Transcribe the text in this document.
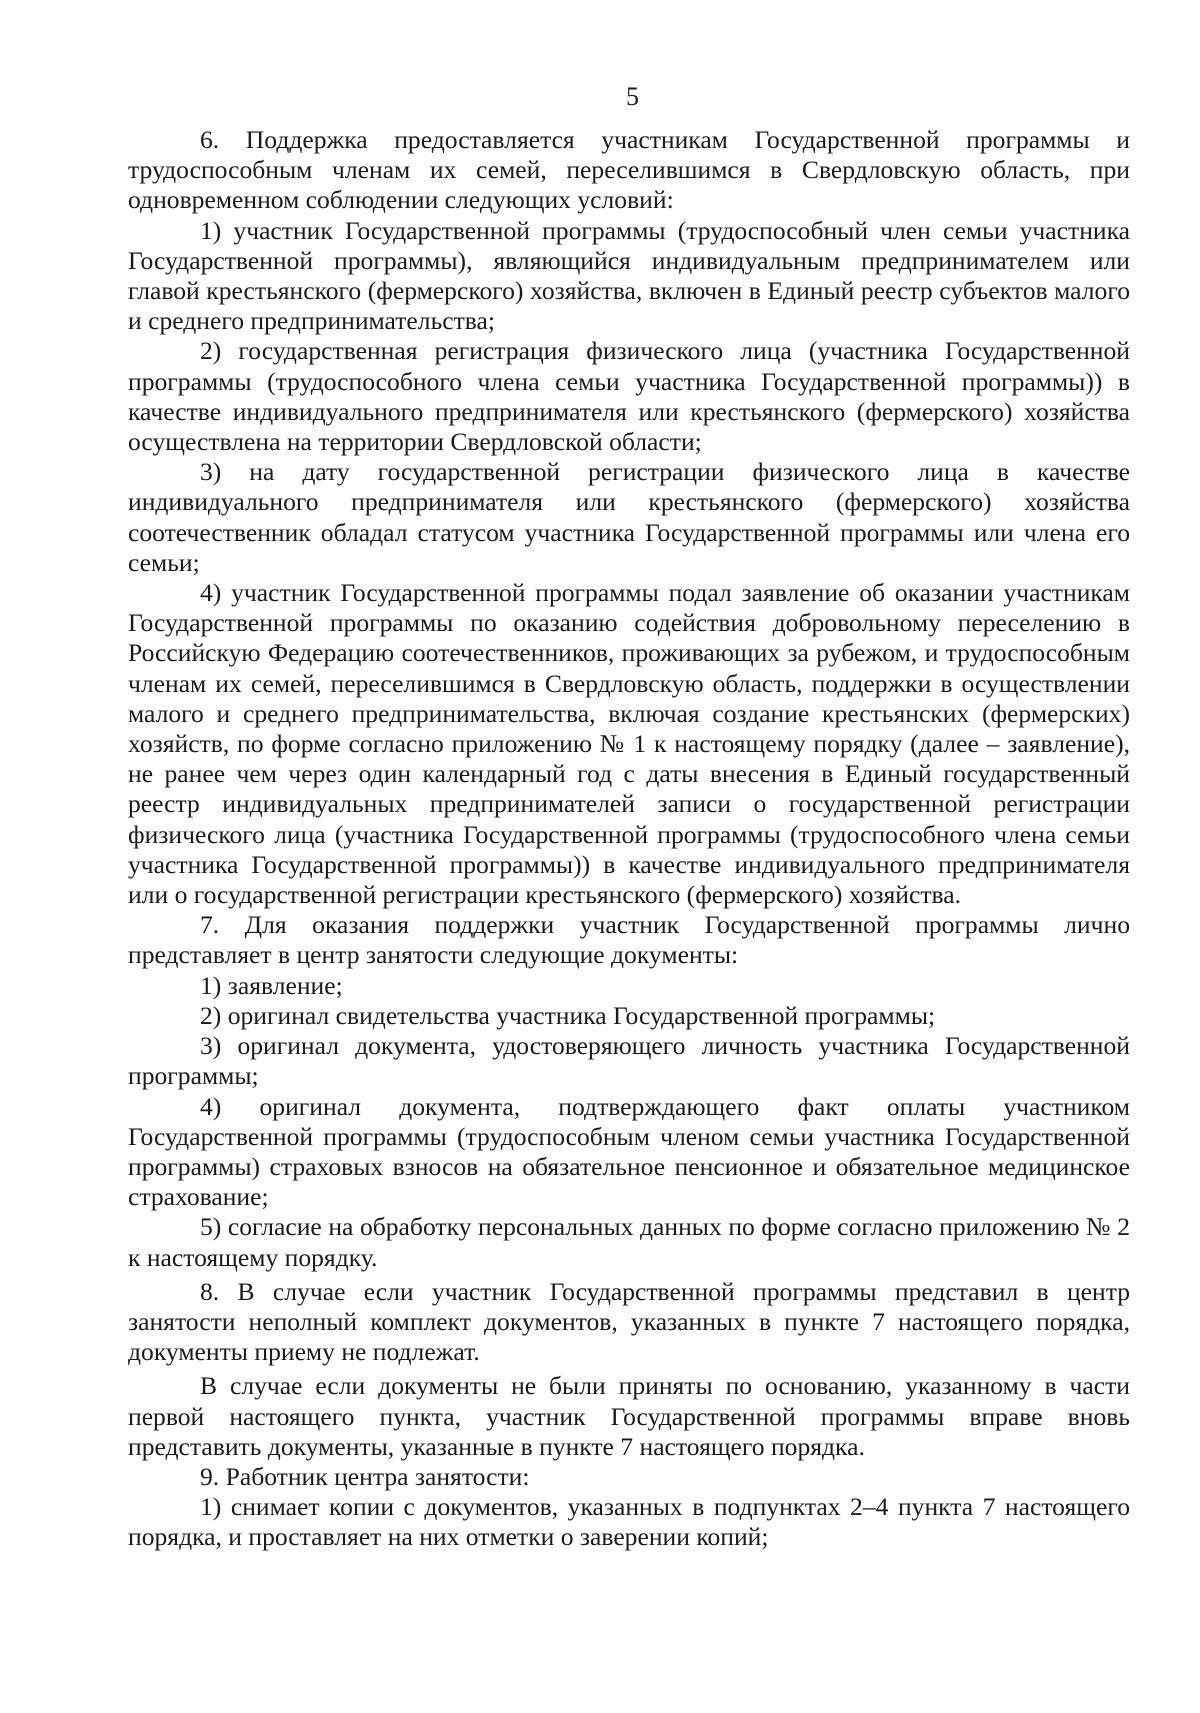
5

6. Поддержка предоставляется участникам Государственной программы и трудоспособным членам их семей, переселившимся в Свердловскую область, при одновременном соблюдении следующих условий:

1) участник Государственной программы (трудоспособный член семьи участника Государственной программы), являющийся индивидуальным предпринимателем или главой крестьянского (фермерского) хозяйства, включен в Единый реестр субъектов малого и среднего предпринимательства;

2) государственная регистрация физического лица (участника Государственной программы (трудоспособного члена семьи участника Государственной программы)) в качестве индивидуального предпринимателя или крестьянского (фермерского) хозяйства осуществлена на территории Свердловской области;

3) на дату государственной регистрации физического лица в качестве индивидуального предпринимателя или крестьянского (фермерского) хозяйства соотечественник обладал статусом участника Государственной программы или члена его семьи;

4) участник Государственной программы подал заявление об оказании участникам Государственной программы по оказанию содействия добровольному переселению в Российскую Федерацию соотечественников, проживающих за рубежом, и трудоспособным членам их семей, переселившимся в Свердловскую область, поддержки в осуществлении малого и среднего предпринимательства, включая создание крестьянских (фермерских) хозяйств, по форме согласно приложению № 1 к настоящему порядку (далее – заявление), не ранее чем через один календарный год с даты внесения в Единый государственный реестр индивидуальных предпринимателей записи о государственной регистрации физического лица (участника Государственной программы (трудоспособного члена семьи участника Государственной программы)) в качестве индивидуального предпринимателя или о государственной регистрации крестьянского (фермерского) хозяйства.

7. Для оказания поддержки участник Государственной программы лично представляет в центр занятости следующие документы:

1) заявление;

2) оригинал свидетельства участника Государственной программы;

3) оригинал документа, удостоверяющего личность участника Государственной программы;

4) оригинал документа, подтверждающего факт оплаты участником Государственной программы (трудоспособным членом семьи участника Государственной программы) страховых взносов на обязательное пенсионное и обязательное медицинское страхование;

5) согласие на обработку персональных данных по форме согласно приложению № 2 к настоящему порядку.

8. В случае если участник Государственной программы представил в центр занятости неполный комплект документов, указанных в пункте 7 настоящего порядка, документы приему не подлежат.

В случае если документы не были приняты по основанию, указанному в части первой настоящего пункта, участник Государственной программы вправе вновь представить документы, указанные в пункте 7 настоящего порядка.

9. Работник центра занятости:

1) снимает копии с документов, указанных в подпунктах 2–4 пункта 7 настоящего порядка, и проставляет на них отметки о заверении копий;
